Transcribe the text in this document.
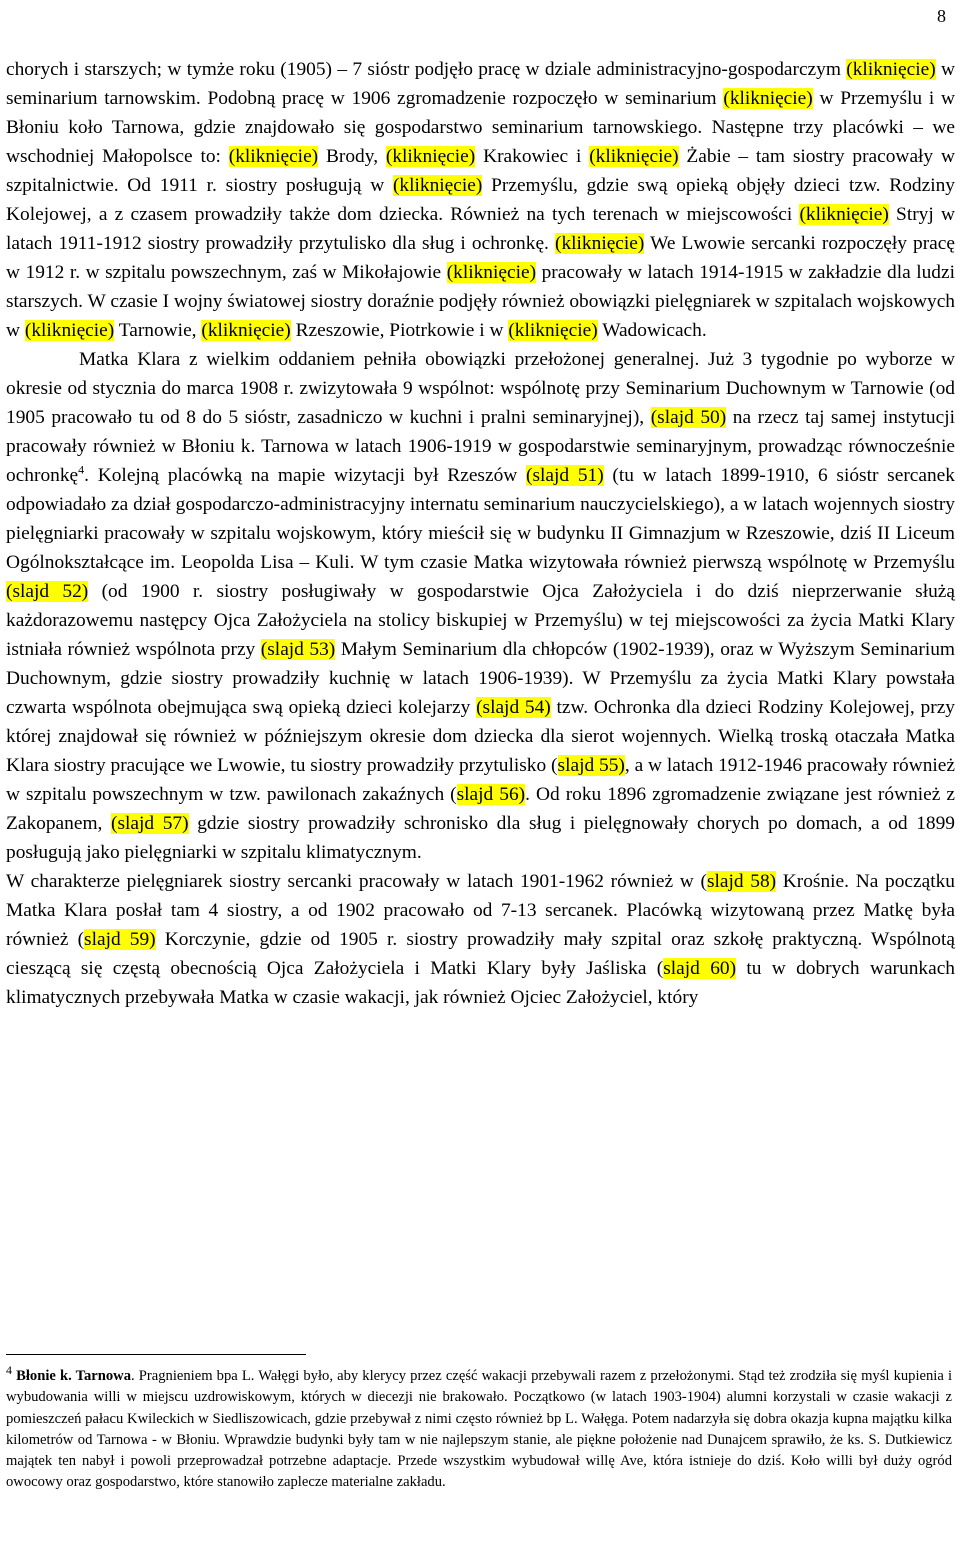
8

chorych i starszych; w tymże roku (1905) – 7 sióstr podjęło pracę w dziale administracyjno-gospodarczym (kliknięcie) w seminarium tarnowskim. Podobną pracę w 1906 zgromadzenie rozpoczęło w seminarium (kliknięcie) w Przemyślu i w Błoniu koło Tarnowa, gdzie znajdowało się gospodarstwo seminarium tarnowskiego. Następne trzy placówki – we wschodniej Małopolsce to: (kliknięcie) Brody, (kliknięcie) Krakowiec i (kliknięcie) Żabie – tam siostry pracowały w szpitalnictwie. Od 1911 r. siostry posługują w (kliknięcie) Przemyślu, gdzie swą opieką objęły dzieci tzw. Rodziny Kolejowej, a z czasem prowadziły także dom dziecka. Również na tych terenach w miejscowości (kliknięcie) Stryj w latach 1911-1912 siostry prowadziły przytulisko dla sług i ochronkę. (kliknięcie) We Lwowie sercanki rozpoczęły pracę w 1912 r. w szpitalu powszechnym, zaś w Mikołajowie (kliknięcie) pracowały w latach 1914-1915 w zakładzie dla ludzi starszych. W czasie I wojny światowej siostry doraźnie podjęły również obowiązki pielęgniarek w szpitalach wojskowych w (kliknięcie) Tarnowie, (kliknięcie) Rzeszowie, Piotrkowie i w (kliknięcie) Wadowicach.

Matka Klara z wielkim oddaniem pełniła obowiązki przełożonej generalnej. Już 3 tygodnie po wyborze w okresie od stycznia do marca 1908 r. zwizytowała 9 wspólnot: wspólnotę przy Seminarium Duchownym w Tarnowie (od 1905 pracowało tu od 8 do 5 sióstr, zasadniczo w kuchni i pralni seminaryjnej), (slajd 50) na rzecz taj samej instytucji pracowały również w Błoniu k. Tarnowa w latach 1906-1919 w gospodarstwie seminaryjnym, prowadząc równocześnie ochronkę$^4$. Kolejną placówką na mapie wizytacji był Rzeszów (slajd 51) (tu w latach 1899-1910, 6 sióstr sercanek odpowiadało za dział gospodarczo-administracyjny internatu seminarium nauczycielskiego), a w latach wojennych siostry pielęgniarki pracowały w szpitalu wojskowym, który mieścił się w budynku II Gimnazjum w Rzeszowie, dziś II Liceum Ogólnokształcące im. Leopolda Lisa – Kuli. W tym czasie Matka wizytowała również pierwszą wspólnotę w Przemyślu (slajd 52) (od 1900 r. siostry posługiwały w gospodarstwie Ojca Założyciela i do dziś nieprzerwanie służą każdorazowemu następcy Ojca Założyciela na stolicy biskupiej w Przemyślu) w tej miejscowości za życia Matki Klary istniała również wspólnota przy (slajd 53) Małym Seminarium dla chłopców (1902-1939), oraz w Wyższym Seminarium Duchownym, gdzie siostry prowadziły kuchnię w latach 1906-1939). W Przemyślu za życia Matki Klary powstała czwarta wspólnota obejmująca swą opieką dzieci kolejarzy (slajd 54) tzw. Ochronka dla dzieci Rodziny Kolejowej, przy której znajdował się również w późniejszym okresie dom dziecka dla sierot wojennych. Wielką troską otaczała Matka Klara siostry pracujące we Lwowie, tu siostry prowadziły przytulisko (slajd 55), a w latach 1912-1946 pracowały również w szpitalu powszechnym w tzw. pawilonach zakaźnych (slajd 56). Od roku 1896 zgromadzenie związane jest również z Zakopanem, (slajd 57) gdzie siostry prowadziły schronisko dla sług i pielęgnowały chorych po domach, a od 1899 posługują jako pielęgniarki w szpitalu klimatycznym.

W charakterze pielęgniarek siostry sercanki pracowały w latach 1901-1962 również w (slajd 58) Krośnie. Na początku Matka Klara posłał tam 4 siostry, a od 1902 pracowało od 7-13 sercanek. Placówką wizytowaną przez Matkę była również (slajd 59) Korczynie, gdzie od 1905 r. siostry prowadziły mały szpital oraz szkołę praktyczną. Wspólnotą cieszącą się częstą obecnością Ojca Założyciela i Matki Klary były Jaśliska (slajd 60) tu w dobrych warunkach klimatycznych przebywała Matka w czasie wakacji, jak również Ojciec Założyciel, który

$^4$ Błonie k. Tarnowa. Pragnieniem bpa L. Wałęgi było, aby klerycy przez część wakacji przebywali razem z przełożonymi. Stąd też zrodziła się myśl kupienia i wybudowania willi w miejscu uzdrowiskowym, których w diecezji nie brakowało. Początkowo (w latach 1903-1904) alumni korzystali w czasie wakacji z pomieszczeń pałacu Kwileckich w Siedliszowicach, gdzie przebywał z nimi często również bp L. Wałęga. Potem nadarzyła się dobra okazja kupna majątku kilka kilometrów od Tarnowa - w Błoniu. Wprawdzie budynki były tam w nie najlepszym stanie, ale piękne położenie nad Dunajcem sprawiło, że ks. S. Dutkiewicz majątek ten nabył i powoli przeprowadzał potrzebne adaptacje. Przede wszystkim wybudował willę Ave, która istnieje do dziś. Koło willi był duży ogród owocowy oraz gospodarstwo, które stanowiło zaplecze materialne zakładu.
